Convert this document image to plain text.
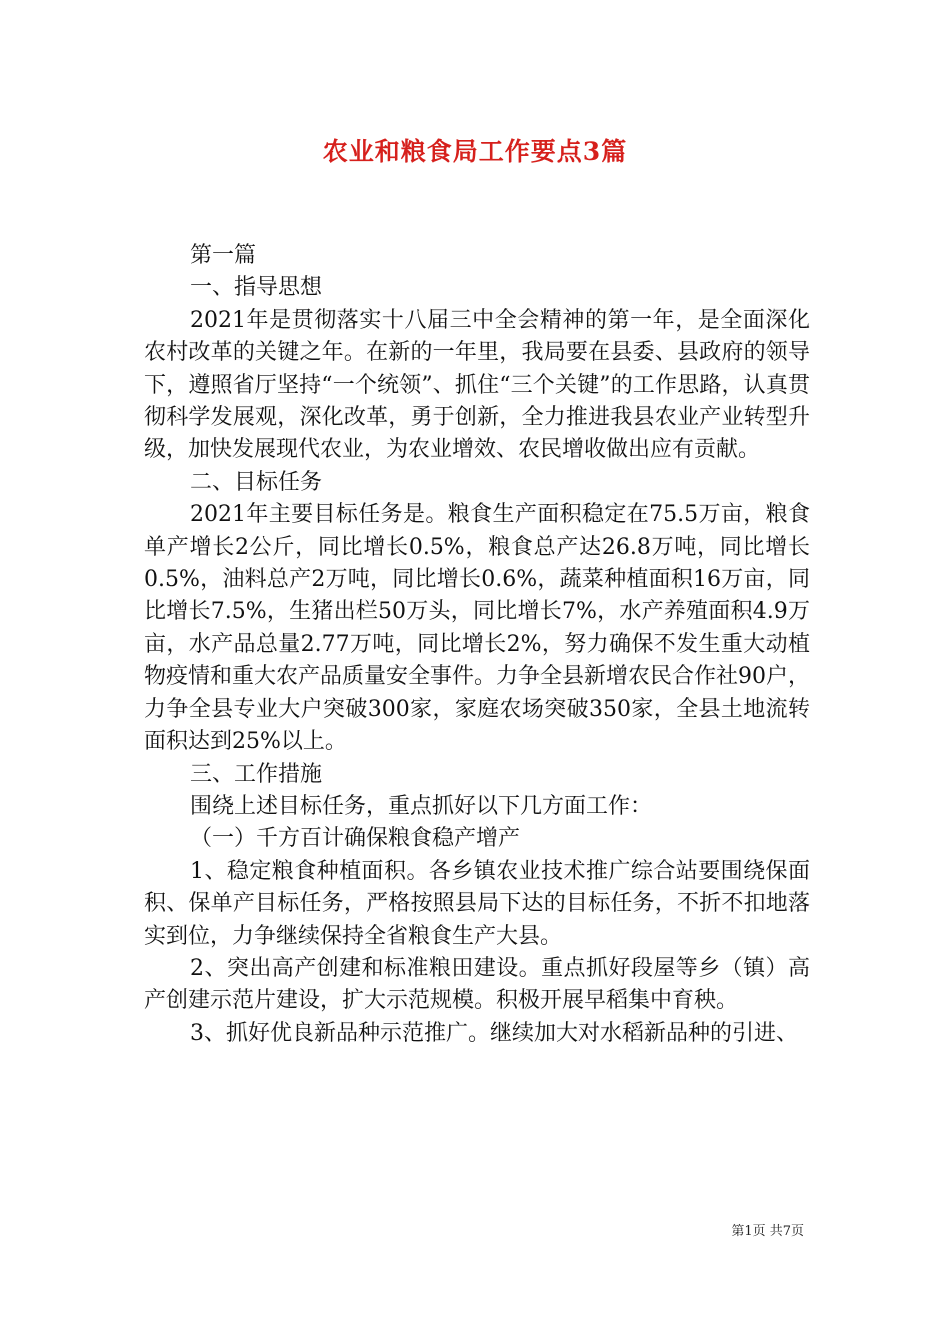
农业和粮食局工作要点3篇

第一篇

一、指导思想

2021年是贯彻落实十八届三中全会精神的第一年，是全面深化农村改革的关键之年。在新的一年里，我局要在县委、县政府的领导下，遵照省厅坚持“一个统领”、抓住“三个关键”的工作思路，认真贯彻科学发展观，深化改革，勇于创新，全力推进我县农业产业转型升级，加快发展现代农业，为农业增效、农民增收做出应有贡献。

二、目标任务

2021年主要目标任务是。粮食生产面积稳定在75.5万亩，粮食单产增长2公斤，同比增长0.5%，粮食总产达26.8万吨，同比增长0.5%，油料总产2万吨，同比增长0.6%，蔬菜种植面积16万亩，同比增长7.5%，生猪出栏50万头，同比增长7%，水产养殖面积4.9万亩，水产品总量2.77万吨，同比增长2%，努力确保不发生重大动植物疫情和重大农产品质量安全事件。力争全县新增农民合作社90户，力争全县专业大户突破300家，家庭农场突破350家，全县土地流转面积达到25%以上。

三、工作措施

围绕上述目标任务，重点抓好以下几方面工作：

（一）千方百计确保粮食稳产增产

1、稳定粮食种植面积。各乡镇农业技术推广综合站要围绕保面积、保单产目标任务，严格按照县局下达的目标任务，不折不扣地落实到位，力争继续保持全省粮食生产大县。

2、突出高产创建和标准粮田建设。重点抓好段屋等乡（镇）高产创建示范片建设，扩大示范规模。积极开展早稻集中育秧。

3、抓好优良新品种示范推广。继续加大对水稻新品种的引进、

第1页 共7页
